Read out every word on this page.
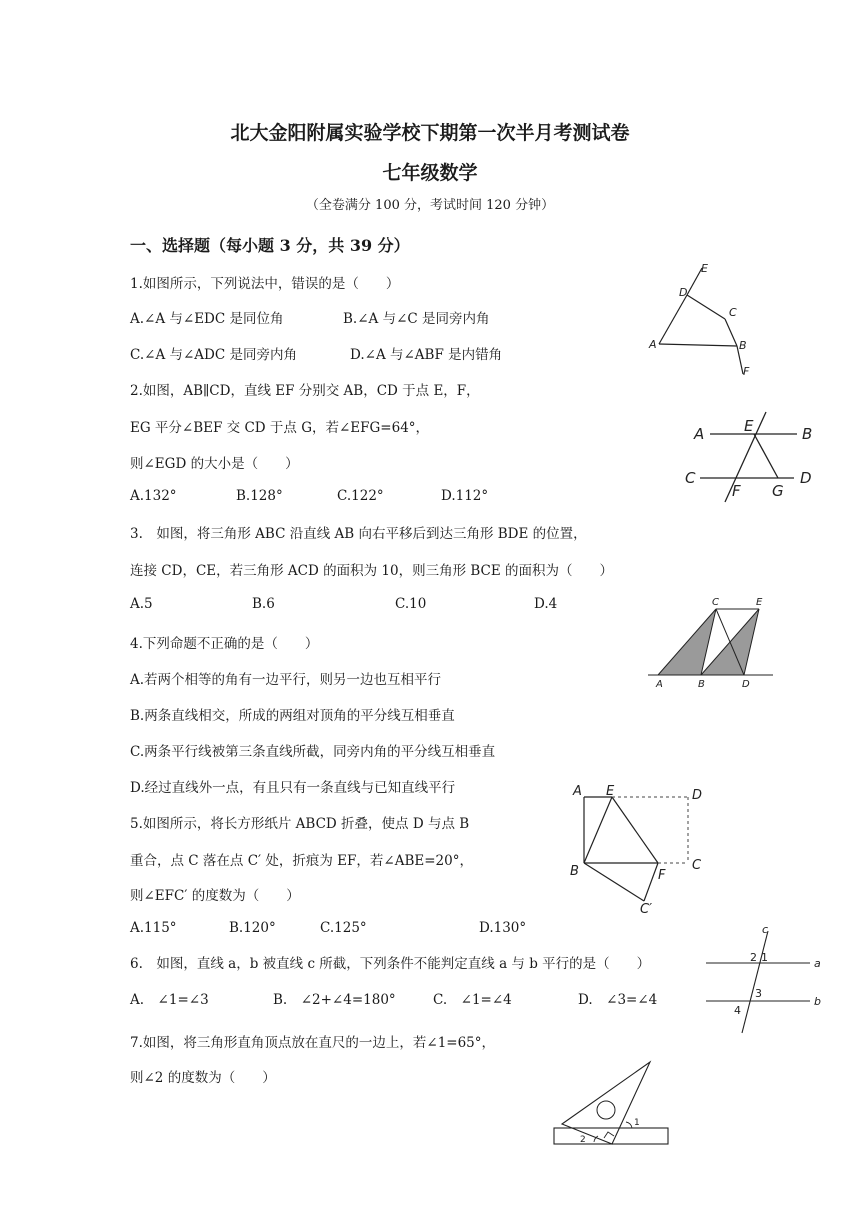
北大金阳附属实验学校下期第一次半月考测试卷
七年级数学
（全卷满分 100 分，考试时间 120 分钟）
一、选择题（每小题 3 分，共 39 分）
1.如图所示，下列说法中，错误的是（　　）
A.∠A 与∠EDC 是同位角	B.∠A 与∠C 是同旁内角
C.∠A 与∠ADC 是同旁内角	D.∠A 与∠ABF 是内错角
E
D
C
A	B
F
2.如图，AB∥CD，直线 EF 分别交 AB，CD 于点 E，F，
EG 平分∠BEF 交 CD 于点 G，若∠EFG=64°，
则∠EGD 的大小是（　　）
A.132°	B.128°	C.122°	D.112°
A	B
E
C	D
F G
3.　如图，将三角形 ABC 沿直线 AB 向右平移后到达三角形 BDE 的位置，
连接 CD，CE，若三角形 ACD 的面积为 10，则三角形 BCE 的面积为（　　）
A.5	B.6	C.10	D.4
A	B	D
C	E
4.下列命题不正确的是（　　）
A.若两个相等的角有一边平行，则另一边也互相平行
B.两条直线相交，所成的两组对顶角的平分线互相垂直
C.两条平行线被第三条直线所截，同旁内角的平分线互相垂直
D.经过直线外一点，有且只有一条直线与已知直线平行
5.如图所示，将长方形纸片 ABCD 折叠，使点 D 与点 B
重合，点 C 落在点 C′ 处，折痕为 EF，若∠ABE=20°，
则∠EFC′ 的度数为（　　）
A.115°	B.120°	C.125°	D.130°
A E	D
B	F
C
C′
6.　如图，直线 a，b 被直线 c 所截，下列条件不能判定直线 a 与 b 平行的是（　　）
A.　∠1=∠3	B.　∠2+∠4=180°	C.　∠1=∠4	D.　∠3=∠4
c
a
b
2 1
3
4
7.如图，将三角形直角顶点放在直尺的一边上，若∠1=65°，
则∠2 的度数为（　　）
1
2
